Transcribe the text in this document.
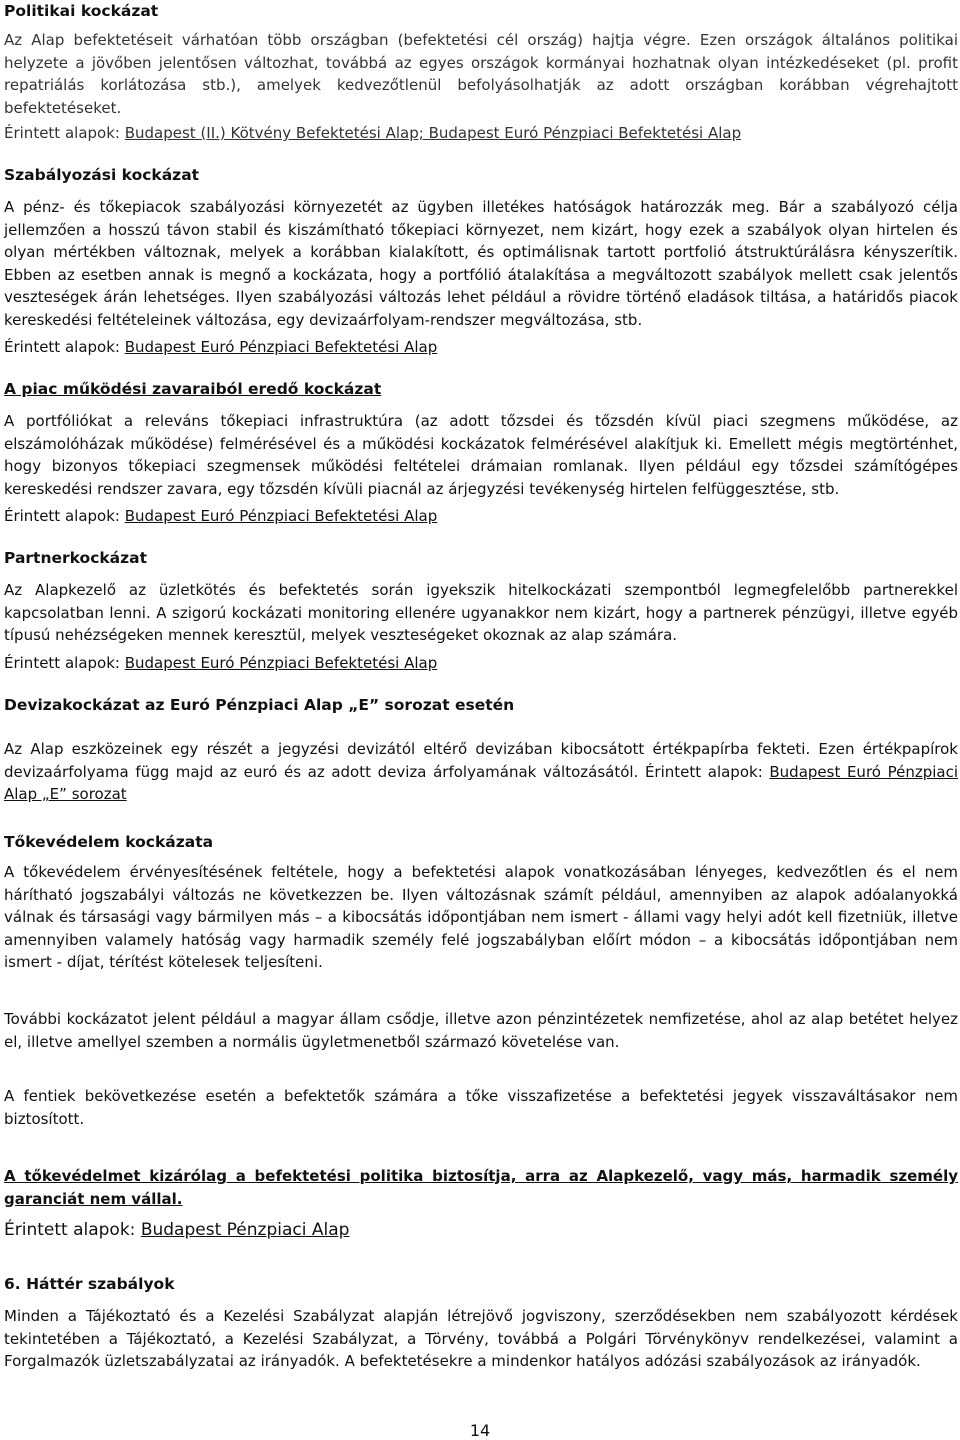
Politikai kockázat

Az Alap befektetéseit várhatóan több országban (befektetési cél ország) hajtja végre. Ezen országok általános politikai helyzete a jövőben jelentősen változhat, továbbá az egyes országok kormányai hozhatnak olyan intézkedéseket (pl. profit repatriálás korlátozása stb.), amelyek kedvezőtlenül befolyásolhatják az adott országban korábban végrehajtott befektetéseket.

Érintett alapok: Budapest (II.) Kötvény Befektetési Alap; Budapest Euró Pénzpiaci Befektetési Alap

Szabályozási kockázat

A pénz- és tőkepiacok szabályozási környezetét az ügyben illetékes hatóságok határozzák meg. Bár a szabályozó célja jellemzően a hosszú távon stabil és kiszámítható tőkepiaci környezet, nem kizárt, hogy ezek a szabályok olyan hirtelen és olyan mértékben változnak, melyek a korábban kialakított, és optimálisnak tartott portfolió átstruktúrálásra kényszerítik. Ebben az esetben annak is megnő a kockázata, hogy a portfólió átalakítása a megváltozott szabályok mellett csak jelentős veszteségek árán lehetséges. Ilyen szabályozási változás lehet például a rövidre történő eladások tiltása, a határidős piacok kereskedési feltételeinek változása, egy devizaárfolyam-rendszer megváltozása, stb.

Érintett alapok: Budapest Euró Pénzpiaci Befektetési Alap

A piac működési zavaraiból eredő kockázat

A portfóliókat a releváns tőkepiaci infrastruktúra (az adott tőzsdei és tőzsdén kívül piaci szegmens működése, az elszámolóházak működése) felmérésével és a működési kockázatok felmérésével alakítjuk ki. Emellett mégis megtörténhet, hogy bizonyos tőkepiaci szegmensek működési feltételei drámaian romlanak. Ilyen például egy tőzsdei számítógépes kereskedési rendszer zavara, egy tőzsdén kívüli piacnál az árjegyzési tevékenység hirtelen felfüggesztése, stb.

Érintett alapok: Budapest Euró Pénzpiaci Befektetési Alap

Partnerkockázat

Az Alapkezelő az üzletkötés és befektetés során igyekszik hitelkockázati szempontból legmegfelelőbb partnerekkel kapcsolatban lenni. A szigorú kockázati monitoring ellenére ugyanakkor nem kizárt, hogy a partnerek pénzügyi, illetve egyéb típusú nehézségeken mennek keresztül, melyek veszteségeket okoznak az alap számára.

Érintett alapok: Budapest Euró Pénzpiaci Befektetési Alap

Devizakockázat az Euró Pénzpiaci Alap „E” sorozat esetén

Az Alap eszközeinek egy részét a jegyzési devizától eltérő devizában kibocsátott értékpapírba fekteti. Ezen értékpapírok devizaárfolyama függ majd az euró és az adott deviza árfolyamának változásától. Érintett alapok: Budapest Euró Pénzpiaci Alap „E” sorozat

Tőkevédelem kockázata

A tőkevédelem érvényesítésének feltétele, hogy a befektetési alapok vonatkozásában lényeges, kedvezőtlen és el nem hárítható jogszabályi változás ne következzen be. Ilyen változásnak számít például, amennyiben az alapok adóalanyokká válnak és társasági vagy bármilyen más – a kibocsátás időpontjában nem ismert - állami vagy helyi adót kell fizetniük, illetve amennyiben valamely hatóság vagy harmadik személy felé jogszabályban előírt módon – a kibocsátás időpontjában nem ismert - díjat, térítést kötelesek teljesíteni.

További kockázatot jelent például a magyar állam csődje, illetve azon pénzintézetek nemfizetése, ahol az alap betétet helyez el, illetve amellyel szemben a normális ügyletmenetből származó követelése van.

A fentiek bekövetkezése esetén a befektetők számára a tőke visszafizetése a befektetési jegyek visszaváltásakor nem biztosított.

A tőkevédelmet kizárólag a befektetési politika biztosítja, arra az Alapkezelő, vagy más, harmadik személy garanciát nem vállal.

Érintett alapok: Budapest Pénzpiaci Alap

6. Háttér szabályok

Minden a Tájékoztató és a Kezelési Szabályzat alapján létrejövő jogviszony, szerződésekben nem szabályozott kérdések tekintetében a Tájékoztató, a Kezelési Szabályzat, a Törvény, továbbá a Polgári Törvénykönyv rendelkezései, valamint a Forgalmazók üzletszabályzatai az irányadók. A befektetésekre a mindenkor hatályos adózási szabályozások az irányadók.

14
